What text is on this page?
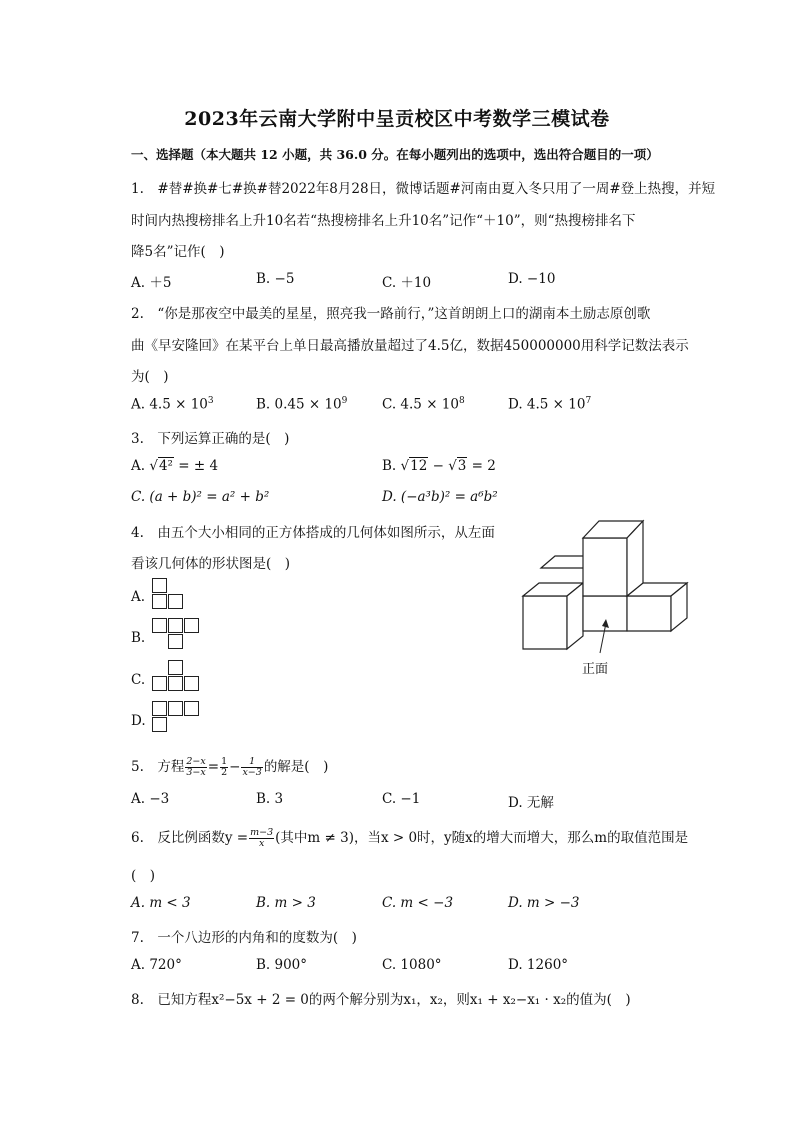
2023年云南大学附中呈贡校区中考数学三模试卷
一、选择题（本大题共 12 小题，共 36.0 分。在每小题列出的选项中，选出符合题目的一项）
1.　#替#换#七#换#替2022年8月28日，微博话题#河南由夏入冬只用了一周#登上热搜，并短
时间内热搜榜排名上升10名若“热搜榜排名上升10名”记作“＋10”，则“热搜榜排名下
降5名”记作(　)
A. ＋5	B. −5	C. ＋10	D. −10
2.　“你是那夜空中最美的星星，照亮我一路前行，”这首朗朗上口的湖南本土励志原创歌
曲《早安隆回》在某平台上单日最高播放量超过了4.5亿，数据450000000用科学记数法表示
为(　)
A. $4.5 \times 10^3$	B. $0.45 \times 10^9$	C. $4.5 \times 10^8$	D. $4.5 \times 10^7$
3.　下列运算正确的是(　)
A. √4² = ± 4	B. √12 − √3 = 2
C. (a + b)² = a² + b²	D. (−a³b)² = a⁶b²
4.　由五个大小相同的正方体搭成的几何体如图所示，从左面
看该几何体的形状图是(　)
A.
B.
C.
D.
正面
5.　方程 $\frac{2-x}{3-x} = \frac{1}{2} - \frac{1}{x-3}$ 的解是(　)
A. −3	B. 3	C. −1	D. 无解
6.　反比例函数$y = \frac{m-3}{x}$ (其中m ≠ 3)，当x > 0时，y随x的增大而增大，那么m的取值范围是
(　)
A. m < 3	B. m > 3	C. m < −3	D. m > −3
7.　一个八边形的内角和的度数为(　)
A. 720°	B. 900°	C. 1080°	D. 1260°
8.　已知方程x²−5x + 2 = 0的两个解分别为x₁，x₂，则x₁ + x₂−x₁ · x₂的值为(　)
